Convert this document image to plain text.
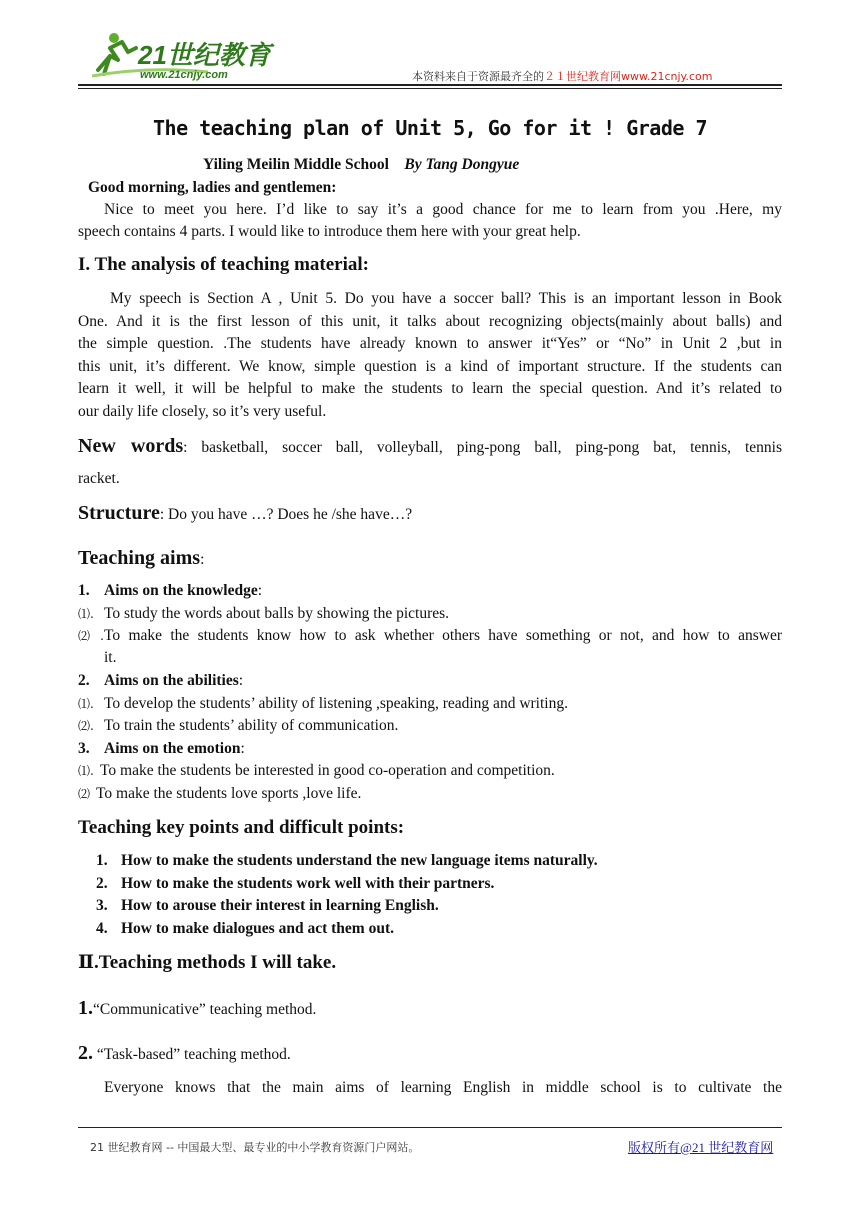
21世纪教育
www.21cnjy.com	本资料来自于资源最齐全的２１世纪教育网www.21cnjy.com
The teaching plan of Unit 5, Go for it ! Grade 7
Yiling Meilin Middle School By Tang Dongyue
Good morning, ladies and gentlemen:
Nice to meet you here. I’d like to say it’s a good chance for me to learn from you .Here, my
speech contains 4 parts. I would like to introduce them here with your great help.
I. The analysis of teaching material:
My speech is Section A , Unit 5. Do you have a soccer ball? This is an important lesson in Book
One. And it is the first lesson of this unit, it talks about recognizing objects(mainly about balls) and
the simple question. .The students have already known to answer it“Yes” or “No” in Unit 2 ,but in
this unit, it’s different. We know, simple question is a kind of important structure. If the students can
learn it well, it will be helpful to make the students to learn the special question. And it’s related to
our daily life closely, so it’s very useful.
New words: basketball, soccer ball, volleyball, ping-pong ball, ping-pong bat, tennis, tennis
racket.
Structure: Do you have …? Does he /she have…?
Teaching aims:
1. Aims on the knowledge:
⑴. To study the words about balls by showing the pictures.
⑵.To make the students know how to ask whether others have something or not, and how to answer
it.
2. Aims on the abilities:
⑴. To develop the students’ ability of listening ,speaking, reading and writing.
⑵. To train the students’ ability of communication.
3. Aims on the emotion:
⑴. To make the students be interested in good co-operation and competition.
⑵ To make the students love sports ,love life.
Teaching key points and difficult points:
1. How to make the students understand the new language items naturally.
2. How to make the students work well with their partners.
3. How to arouse their interest in learning English.
4. How to make dialogues and act them out.
Ⅱ.Teaching methods I will take.
1.“Communicative” teaching method.
2. “Task-based” teaching method.
Everyone knows that the main aims of learning English in middle school is to cultivate the
21 世纪教育网 -- 中国最大型、最专业的中小学教育资源门户网站。	版权所有@21 世纪教育网
